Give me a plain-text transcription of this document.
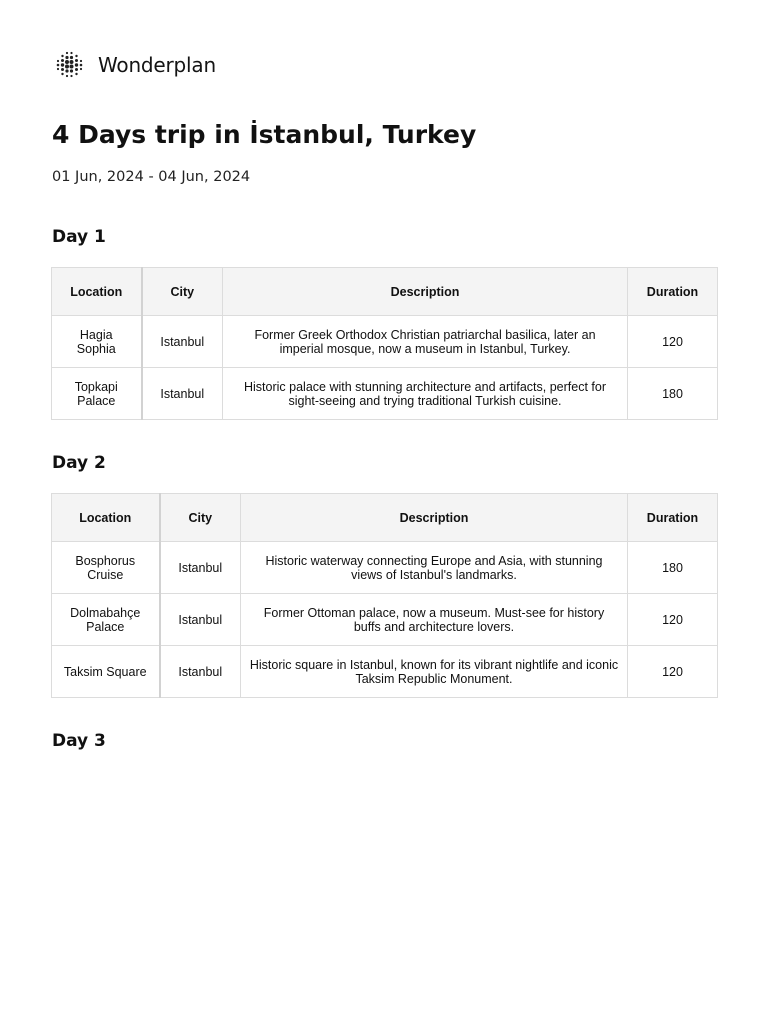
Wonderplan
4 Days trip in İstanbul, Turkey
01 Jun, 2024 - 04 Jun, 2024
Day 1
Location	City	Description	Duration
Hagia Sophia	Istanbul	Former Greek Orthodox Christian patriarchal basilica, later an imperial mosque, now a museum in Istanbul, Turkey.	120
Topkapi Palace	Istanbul	Historic palace with stunning architecture and artifacts, perfect for sight-seeing and trying traditional Turkish cuisine.	180
Day 2
Location	City	Description	Duration
Bosphorus Cruise	Istanbul	Historic waterway connecting Europe and Asia, with stunning views of Istanbul's landmarks.	180
Dolmabahçe Palace	Istanbul	Former Ottoman palace, now a museum. Must-see for history buffs and architecture lovers.	120
Taksim Square	Istanbul	Historic square in Istanbul, known for its vibrant nightlife and iconic Taksim Republic Monument.	120
Day 3
